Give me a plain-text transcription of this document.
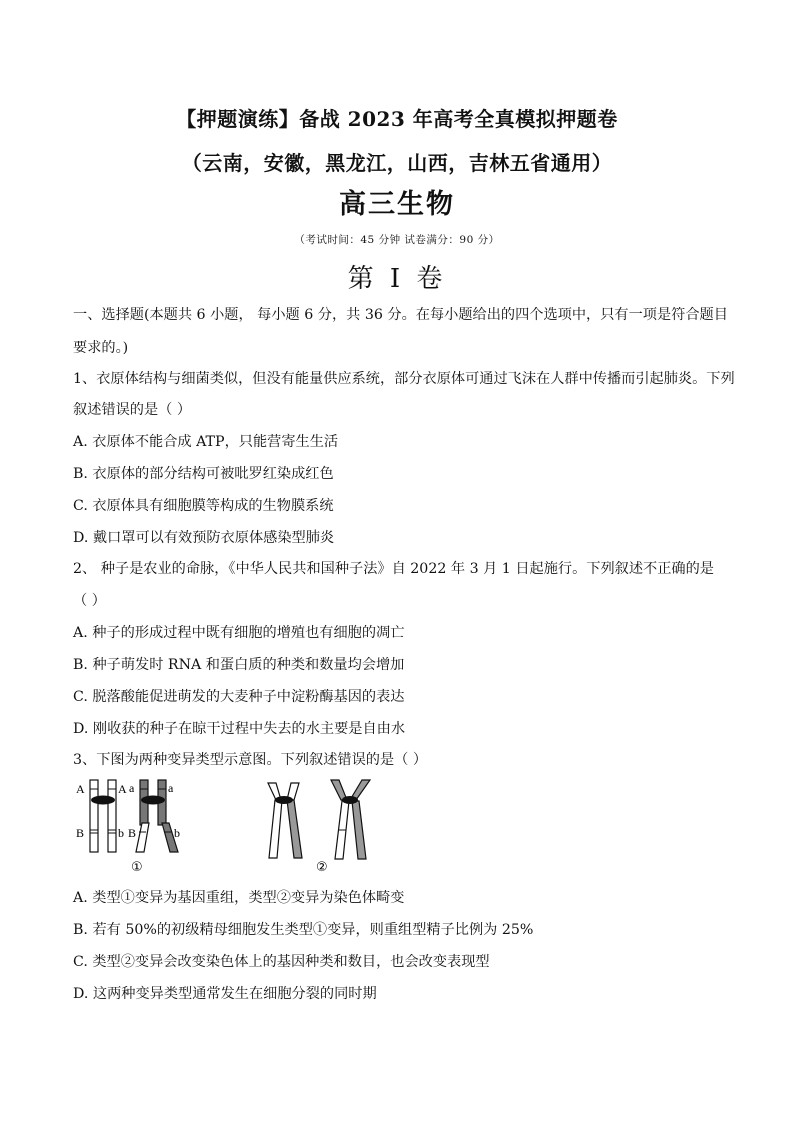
【押题演练】备战 2023 年高考全真模拟押题卷
（云南，安徽，黑龙江，山西，吉林五省通用）
高三生物
（考试时间：45 分钟 试卷满分：90 分）
第 I 卷
一、选择题(本题共 6 小题， 每小题 6 分，共 36 分。在每小题给出的四个选项中，只有一项是符合题目
要求的。)
1、衣原体结构与细菌类似，但没有能量供应系统，部分衣原体可通过飞沫在人群中传播而引起肺炎。下列
叙述错误的是（ ）
A. 衣原体不能合成 ATP，只能营寄生生活
B. 衣原体的部分结构可被吡罗红染成红色
C. 衣原体具有细胞膜等构成的生物膜系统
D. 戴口罩可以有效预防衣原体感染型肺炎
2、 种子是农业的命脉，《中华人民共和国种子法》自 2022 年 3 月 1 日起施行。下列叙述不正确的是
（ ）
A. 种子的形成过程中既有细胞的增殖也有细胞的凋亡
B. 种子萌发时 RNA 和蛋白质的种类和数量均会增加
C. 脱落酸能促进萌发的大麦种子中淀粉酶基因的表达
D. 刚收获的种子在晾干过程中失去的水主要是自由水
3、下图为两种变异类型示意图。下列叙述错误的是（ ）
A	A a	a
B	b B	b
①	②
A. 类型①变异为基因重组，类型②变异为染色体畸变
B. 若有 50%的初级精母细胞发生类型①变异，则重组型精子比例为 25%
C. 类型②变异会改变染色体上的基因种类和数目，也会改变表现型
D. 这两种变异类型通常发生在细胞分裂的同时期
